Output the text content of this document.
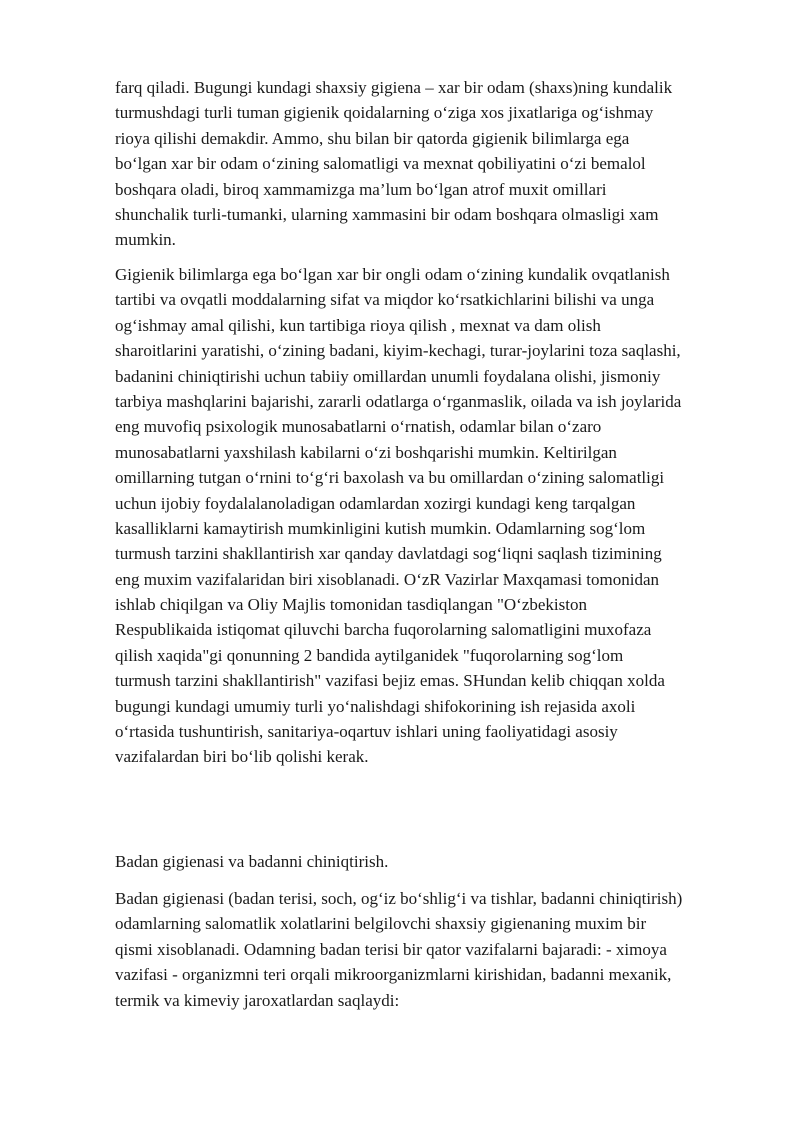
farq qiladi. Bugungi kundagi shaxsiy gigiena – xar bir odam (shaxs)ning kundalik
turmushdagi turli tuman gigienik qoidalarning o‘ziga xos jixatlariga og‘ishmay
rioya qilishi demakdir. Ammo, shu bilan bir qatorda gigienik bilimlarga ega
bo‘lgan xar bir odam o‘zining salomatligi va mexnat qobiliyatini o‘zi bemalol
boshqara oladi, biroq xammamizga ma’lum bo‘lgan atrof muxit omillari
shunchalik turli-tumanki, ularning xammasini bir odam boshqara olmasligi xam
mumkin.
Gigienik bilimlarga ega bo‘lgan xar bir ongli odam o‘zining kundalik ovqatlanish
tartibi va ovqatli moddalarning sifat va miqdor ko‘rsatkichlarini bilishi va unga
og‘ishmay amal qilishi, kun tartibiga rioya qilish , mexnat va dam olish
sharoitlarini yaratishi, o‘zining badani, kiyim-kechagi, turar-joylarini toza saqlashi,
badanini chiniqtirishi uchun tabiiy omillardan unumli foydalana olishi, jismoniy
tarbiya mashqlarini bajarishi, zararli odatlarga o‘rganmaslik, oilada va ish joylarida
eng muvofiq psixologik munosabatlarni o‘rnatish, odamlar bilan o‘zaro
munosabatlarni yaxshilash kabilarni o‘zi boshqarishi mumkin. Keltirilgan
omillarning tutgan o‘rnini to‘g‘ri baxolash va bu omillardan o‘zining salomatligi
uchun ijobiy foydalalanoladigan odamlardan xozirgi kundagi keng tarqalgan
kasalliklarni kamaytirish mumkinligini kutish mumkin. Odamlarning sog‘lom
turmush tarzini shakllantirish xar qanday davlatdagi sog‘liqni saqlash tizimining
eng muxim vazifalaridan biri xisoblanadi. O‘zR Vazirlar Maxqamasi tomonidan
ishlab chiqilgan va Oliy Majlis tomonidan tasdiqlangan "O‘zbekiston
Respublikaida istiqomat qiluvchi barcha fuqorolarning salomatligini muxofaza
qilish xaqida"gi qonunning 2 bandida aytilganidek "fuqorolarning sog‘lom
turmush tarzini shakllantirish" vazifasi bejiz emas. SHundan kelib chiqqan xolda
bugungi kundagi umumiy turli yo‘nalishdagi shifokorining ish rejasida axoli
o‘rtasida tushuntirish, sanitariya-oqartuv ishlari uning faoliyatidagi asosiy
vazifalardan biri bo‘lib qolishi kerak.
Badan gigienasi va badanni chiniqtirish.
Badan gigienasi (badan terisi, soch, og‘iz bo‘shlig‘i va tishlar, badanni chiniqtirish)
odamlarning salomatlik xolatlarini belgilovchi shaxsiy gigienaning muxim bir
qismi xisoblanadi. Odamning badan terisi bir qator vazifalarni bajaradi: - ximoya
vazifasi - organizmni teri orqali mikroorganizmlarni kirishidan, badanni mexanik,
termik va kimeviy jaroxatlardan saqlaydi:
